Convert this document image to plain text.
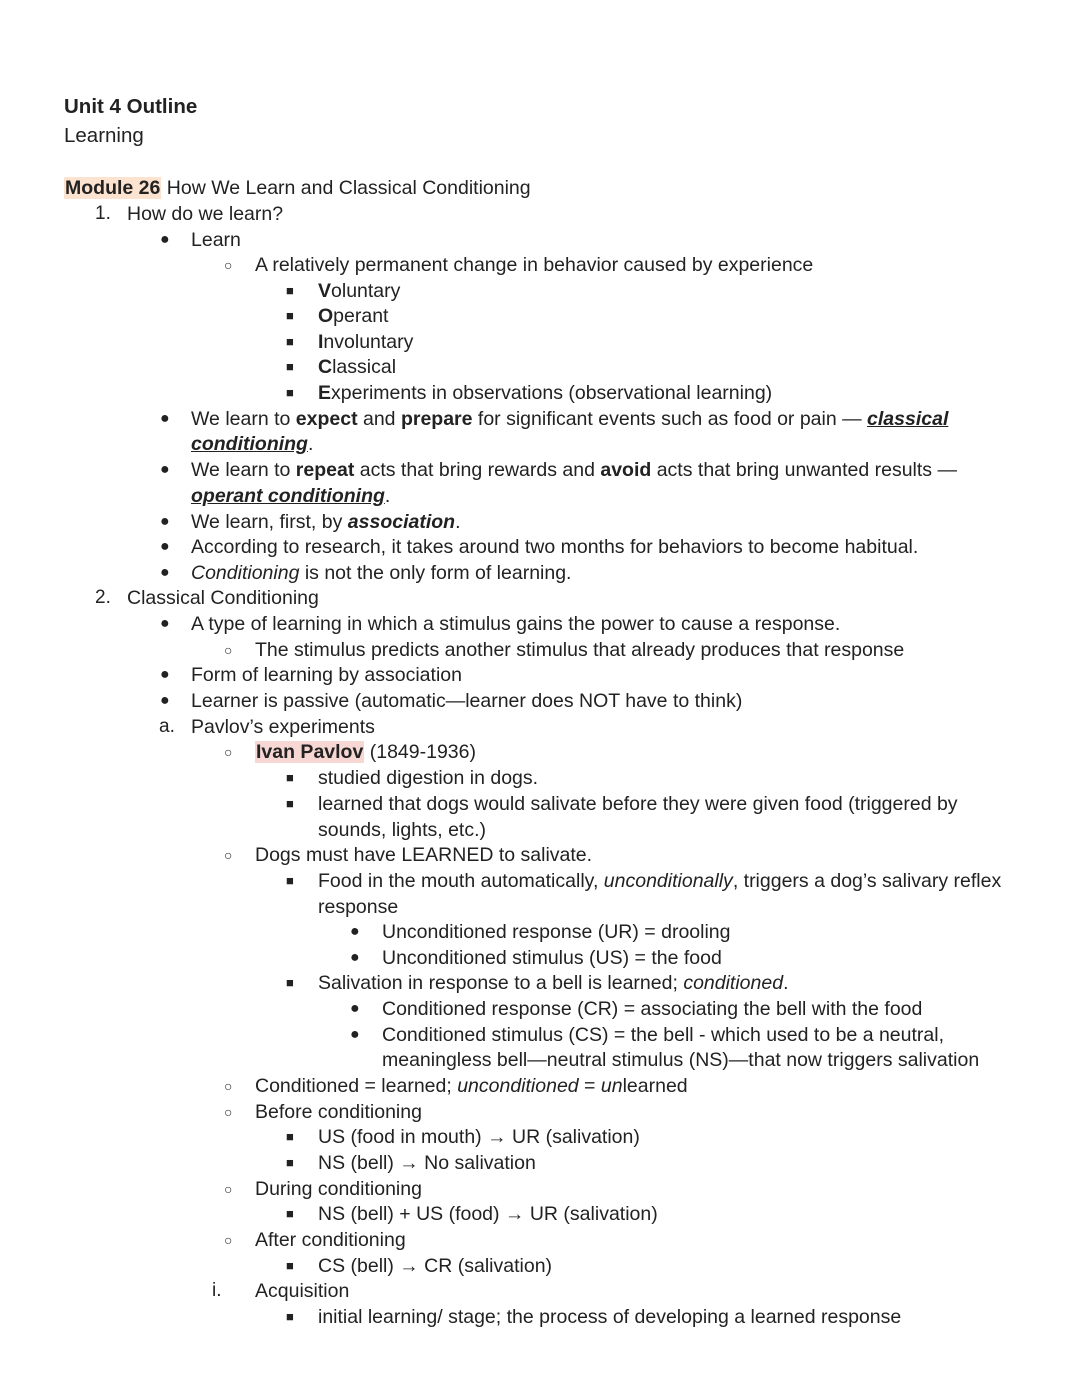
Unit 4 Outline
Learning
Module 26 How We Learn and Classical Conditioning
1. How do we learn?
● Learn
○ A relatively permanent change in behavior caused by experience
■ Voluntary
■ Operant
■ Involuntary
■ Classical
■ Experiments in observations (observational learning)
● We learn to expect and prepare for significant events such as food or pain — classical
conditioning.
● We learn to repeat acts that bring rewards and avoid acts that bring unwanted results —
operant conditioning.
● We learn, first, by association.
● According to research, it takes around two months for behaviors to become habitual.
● Conditioning is not the only form of learning.
2. Classical Conditioning
● A type of learning in which a stimulus gains the power to cause a response.
○ The stimulus predicts another stimulus that already produces that response
● Form of learning by association
● Learner is passive (automatic—learner does NOT have to think)
a. Pavlov’s experiments
○ Ivan Pavlov (1849-1936)
■ studied digestion in dogs.
■ learned that dogs would salivate before they were given food (triggered by
sounds, lights, etc.)
○ Dogs must have LEARNED to salivate.
■ Food in the mouth automatically, unconditionally, triggers a dog’s salivary reflex
response
● Unconditioned response (UR) = drooling
● Unconditioned stimulus (US) = the food
■ Salivation in response to a bell is learned; conditioned.
● Conditioned response (CR) = associating the bell with the food
● Conditioned stimulus (CS) = the bell - which used to be a neutral,
meaningless bell—neutral stimulus (NS)—that now triggers salivation
○ Conditioned = learned; unconditioned = unlearned
○ Before conditioning
■ US (food in mouth) → UR (salivation)
■ NS (bell) → No salivation
○ During conditioning
■ NS (bell) + US (food) → UR (salivation)
○ After conditioning
■ CS (bell) → CR (salivation)
i. Acquisition
■ initial learning/ stage; the process of developing a learned response
